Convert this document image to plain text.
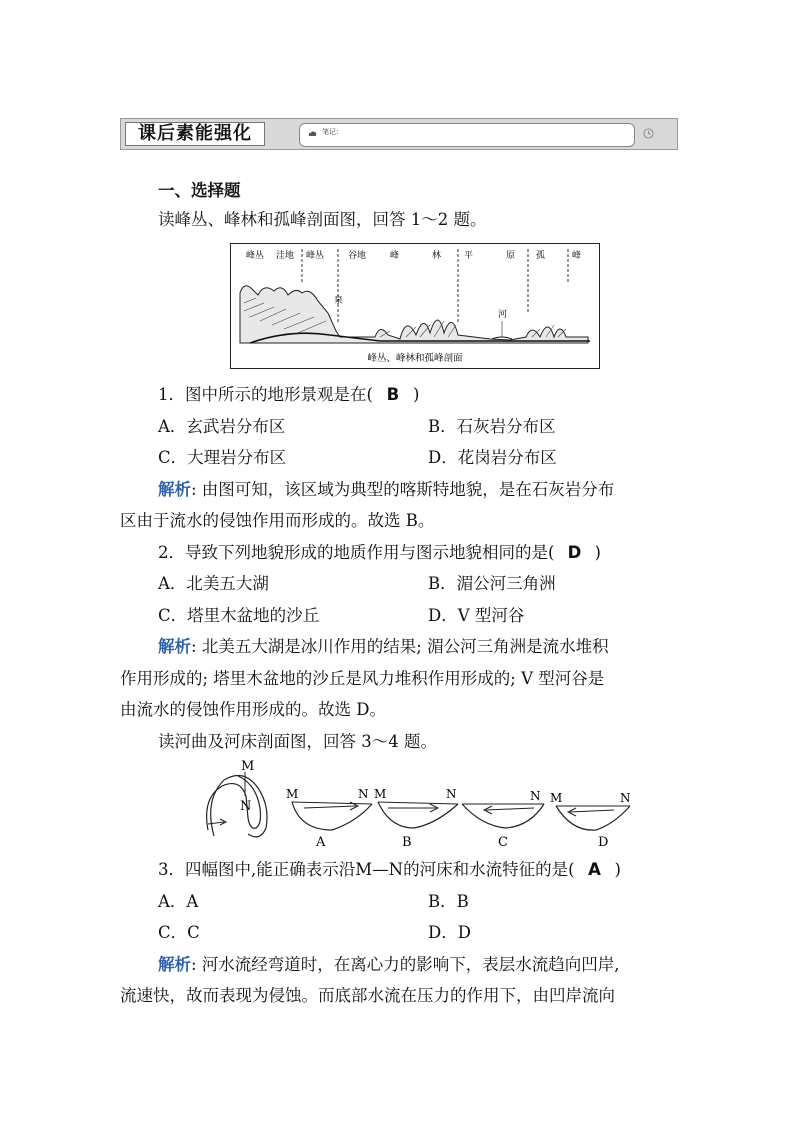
课后素能强化	笔记:
一、选择题
读峰丛、峰林和孤峰剖面图，回答 1～2 题。
峰丛 洼地 峰丛	谷地	峰	林	平	原 孤	峰
泉
河
峰丛、峰林和孤峰剖面
1．图中所示的地形景观是在( B )
A．玄武岩分布区	B．石灰岩分布区
C．大理岩分布区	D．花岗岩分布区
解析: 由图可知，该区域为典型的喀斯特地貌，是在石灰岩分布
区由于流水的侵蚀作用而形成的。故选 B。
2．导致下列地貌形成的地质作用与图示地貌相同的是( D )
A．北美五大湖	B．湄公河三角洲
C．塔里木盆地的沙丘	D．V 型河谷
解析: 北美五大湖是冰川作用的结果; 湄公河三角洲是流水堆积
作用形成的; 塔里木盆地的沙丘是风力堆积作用形成的; V 型河谷是
由流水的侵蚀作用形成的。故选 D。
读河曲及河床剖面图，回答 3～4 题。
M
N
M	N
A
M	N
B
N
C
M	N
D
3．四幅图中,能正确表示沿M—N的河床和水流特征的是( A )
A．A	B．B
C．C	D．D
解析: 河水流经弯道时，在离心力的影响下，表层水流趋向凹岸,
流速快，故而表现为侵蚀。而底部水流在压力的作用下，由凹岸流向
